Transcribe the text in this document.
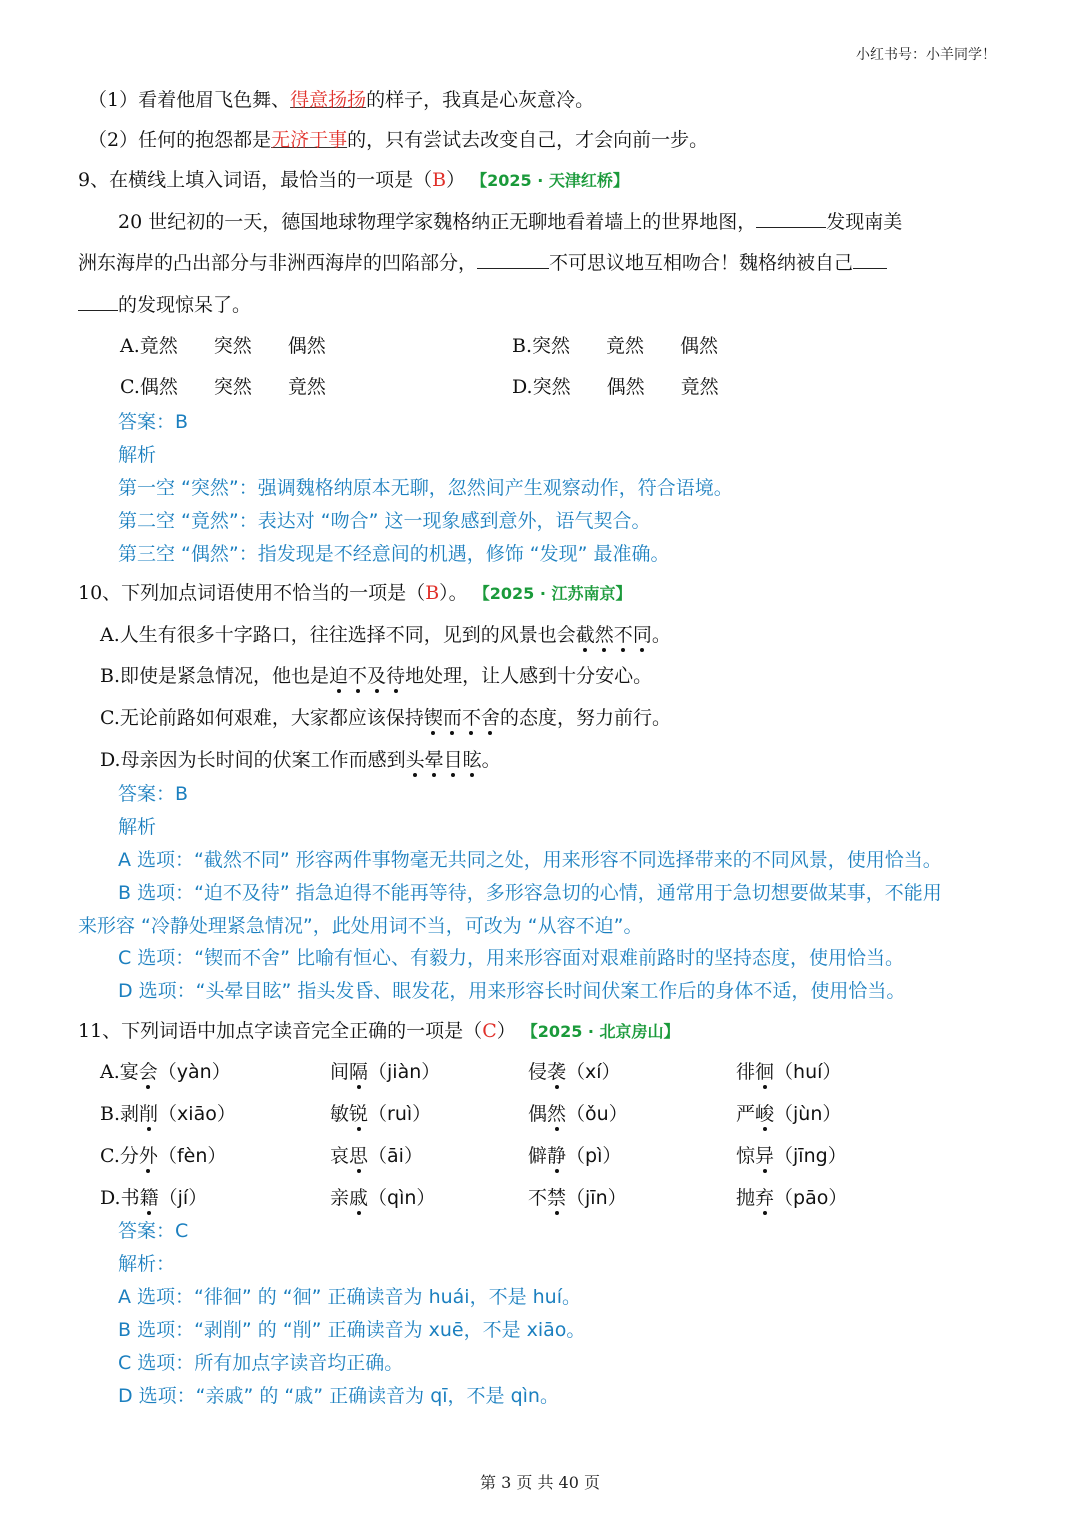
小红书号：小羊同学！
（1）看着他眉飞色舞、得意扬扬的样子，我真是心灰意冷。
（2）任何的抱怨都是无济于事的，只有尝试去改变自己，才会向前一步。
9、在横线上填入词语，最恰当的一项是（B） 【2025 · 天津红桥】
20 世纪初的一天，德国地球物理学家魏格纳正无聊地看着墙上的世界地图，	发现南美
洲东海岸的凸出部分与非洲西海岸的凹陷部分，	不可思议地互相吻合！魏格纳被自己
的发现惊呆了。
A.竟然 突然 偶然	B.突然 竟然 偶然
C.偶然 突然 竟然	D.突然 偶然 竟然
答案：B
解析
第一空 “突然”：强调魏格纳原本无聊，忽然间产生观察动作，符合语境。
第二空 “竟然”：表达对 “吻合” 这一现象感到意外，语气契合。
第三空 “偶然”：指发现是不经意间的机遇，修饰 “发现” 最准确。
10、下列加点词语使用不恰当的一项是（B）。 【2025 · 江苏南京】
A.人生有很多十字路口，往往选择不同，见到的风景也会截然不同。
B.即使是紧急情况，他也是迫不及待地处理，让人感到十分安心。
C.无论前路如何艰难，大家都应该保持锲而不舍的态度，努力前行。
D.母亲因为长时间的伏案工作而感到头晕目眩。
答案：B
解析
A 选项：“截然不同” 形容两件事物毫无共同之处，用来形容不同选择带来的不同风景，使用恰当。
B 选项：“迫不及待” 指急迫得不能再等待，多形容急切的心情，通常用于急切想要做某事，不能用
来形容 “冷静处理紧急情况”，此处用词不当，可改为 “从容不迫”。
C 选项：“锲而不舍” 比喻有恒心、有毅力，用来形容面对艰难前路时的坚持态度，使用恰当。
D 选项：“头晕目眩” 指头发昏、眼发花，用来形容长时间伏案工作后的身体不适，使用恰当。
11、下列词语中加点字读音完全正确的一项是（C） 【2025 · 北京房山】
A.宴会（yàn）	间隔（jiàn）	侵袭（xí）	徘徊（huí）
B.剥削（xiāo）	敏锐（ruì）	偶然（ǒu）	严峻（jùn）
C.分外（fèn）	哀思（āi）	僻静（pì）	惊异（jīng）
D.书籍（jí）	亲戚（qìn）	不禁（jīn）	抛弃（pāo）
答案：C
解析：
A 选项：“徘徊” 的 “徊” 正确读音为 huái，不是 huí。
B 选项：“剥削” 的 “削” 正确读音为 xuē，不是 xiāo。
C 选项：所有加点字读音均正确。
D 选项：“亲戚” 的 “戚” 正确读音为 qī，不是 qìn。
第 3 页 共 40 页
